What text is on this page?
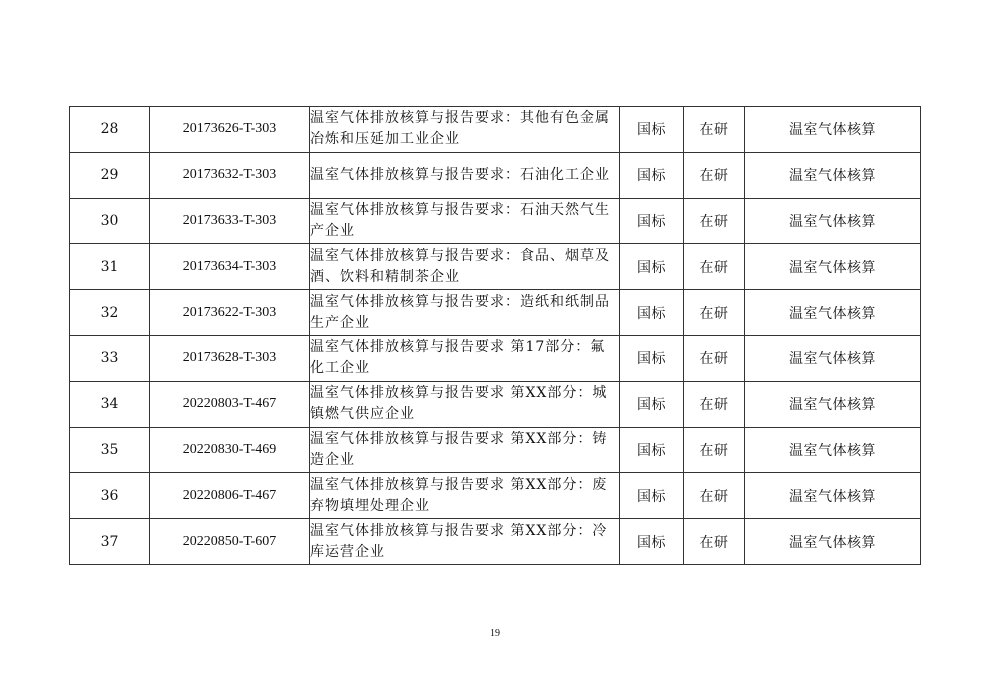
28	20173626-T-303	温室气体排放核算与报告要求：其他有色金属冶炼和压延加工业企业	国标	在研	温室气体核算
29	20173632-T-303	温室气体排放核算与报告要求：石油化工企业	国标	在研	温室气体核算
30	20173633-T-303	温室气体排放核算与报告要求：石油天然气生产企业	国标	在研	温室气体核算
31	20173634-T-303	温室气体排放核算与报告要求：食品、烟草及酒、饮料和精制茶企业	国标	在研	温室气体核算
32	20173622-T-303	温室气体排放核算与报告要求：造纸和纸制品生产企业	国标	在研	温室气体核算
33	20173628-T-303	温室气体排放核算与报告要求 第17部分：氟化工企业	国标	在研	温室气体核算
34	20220803-T-467	温室气体排放核算与报告要求 第XX部分：城镇燃气供应企业	国标	在研	温室气体核算
35	20220830-T-469	温室气体排放核算与报告要求 第XX部分：铸造企业	国标	在研	温室气体核算
36	20220806-T-467	温室气体排放核算与报告要求 第XX部分：废弃物填埋处理企业	国标	在研	温室气体核算
37	20220850-T-607	温室气体排放核算与报告要求 第XX部分：冷库运营企业	国标	在研	温室气体核算
19
